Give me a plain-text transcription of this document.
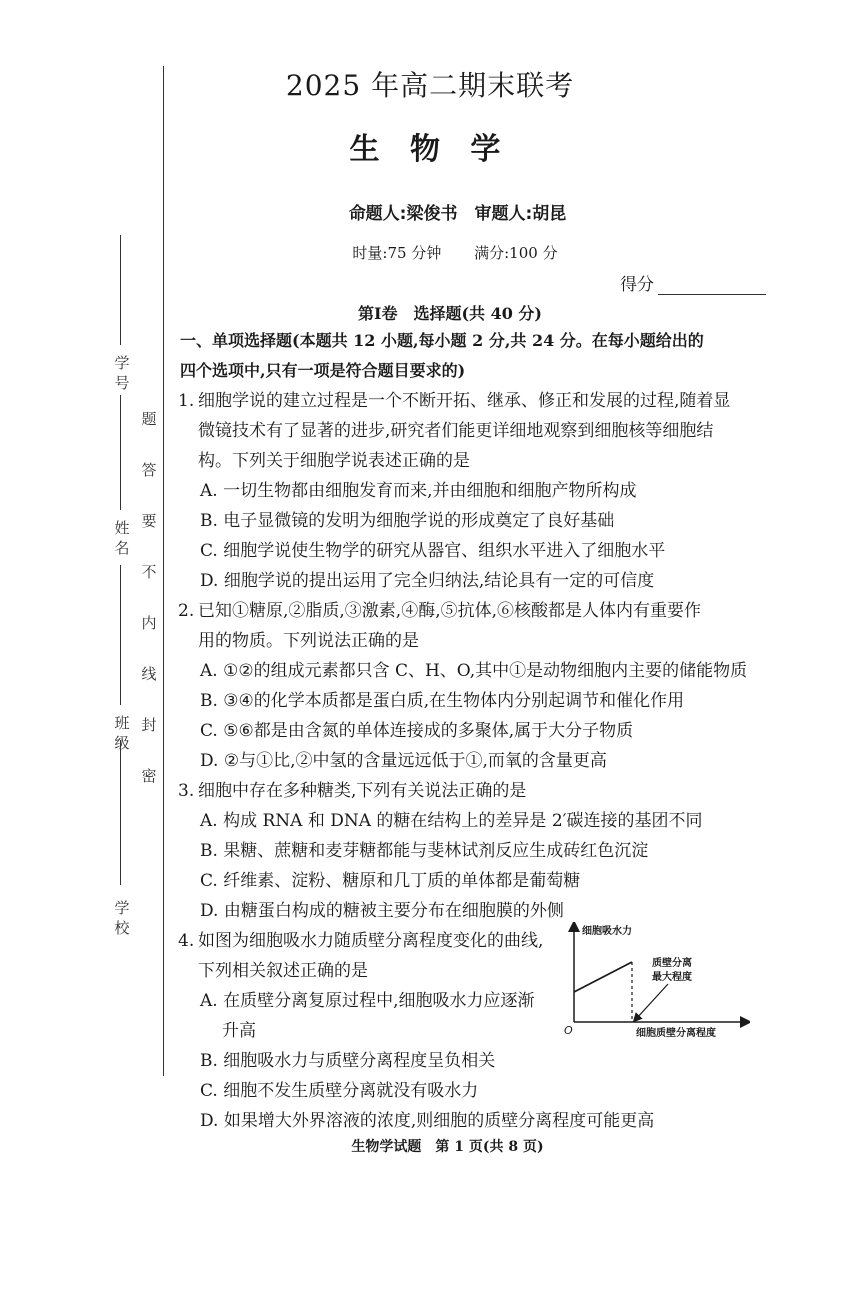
学 校
班 级
姓 名
学 号
题
答
要
不
内
线
封
密
2025 年高二期末联考
生 物 学
命题人:梁俊书　审题人:胡昆
时量:75 分钟 满分:100 分
得分
第Ⅰ卷　选择题(共 40 分)
一、单项选择题(本题共 12 小题,每小题 2 分,共 24 分。在每小题给出的
四个选项中,只有一项是符合题目要求的)
1. 细胞学说的建立过程是一个不断开拓、继承、修正和发展的过程,随着显
微镜技术有了显著的进步,研究者们能更详细地观察到细胞核等细胞结
构。下列关于细胞学说表述正确的是
A. 一切生物都由细胞发育而来,并由细胞和细胞产物所构成
B. 电子显微镜的发明为细胞学说的形成奠定了良好基础
C. 细胞学说使生物学的研究从器官、组织水平进入了细胞水平
D. 细胞学说的提出运用了完全归纳法,结论具有一定的可信度
2. 已知①糖原,②脂质,③激素,④酶,⑤抗体,⑥核酸都是人体内有重要作
用的物质。下列说法正确的是
A. ①②的组成元素都只含 C、H、O,其中①是动物细胞内主要的储能物质
B. ③④的化学本质都是蛋白质,在生物体内分别起调节和催化作用
C. ⑤⑥都是由含氮的单体连接成的多聚体,属于大分子物质
D. ②与①比,②中氢的含量远远低于①,而氧的含量更高
3. 细胞中存在多种糖类,下列有关说法正确的是
A. 构成 RNA 和 DNA 的糖在结构上的差异是 2′碳连接的基团不同
B. 果糖、蔗糖和麦芽糖都能与斐林试剂反应生成砖红色沉淀
C. 纤维素、淀粉、糖原和几丁质的单体都是葡萄糖
D. 由糖蛋白构成的糖被主要分布在细胞膜的外侧
4. 如图为细胞吸水力随质壁分离程度变化的曲线,
下列相关叙述正确的是
A. 在质壁分离复原过程中,细胞吸水力应逐渐
升高
B. 细胞吸水力与质壁分离程度呈负相关
C. 细胞不发生质壁分离就没有吸水力
D. 如果增大外界溶液的浓度,则细胞的质壁分离程度可能更高
细胞吸水力
质壁分离
最大程度
O	细胞质壁分离程度
生物学试题　第 1 页(共 8 页)
